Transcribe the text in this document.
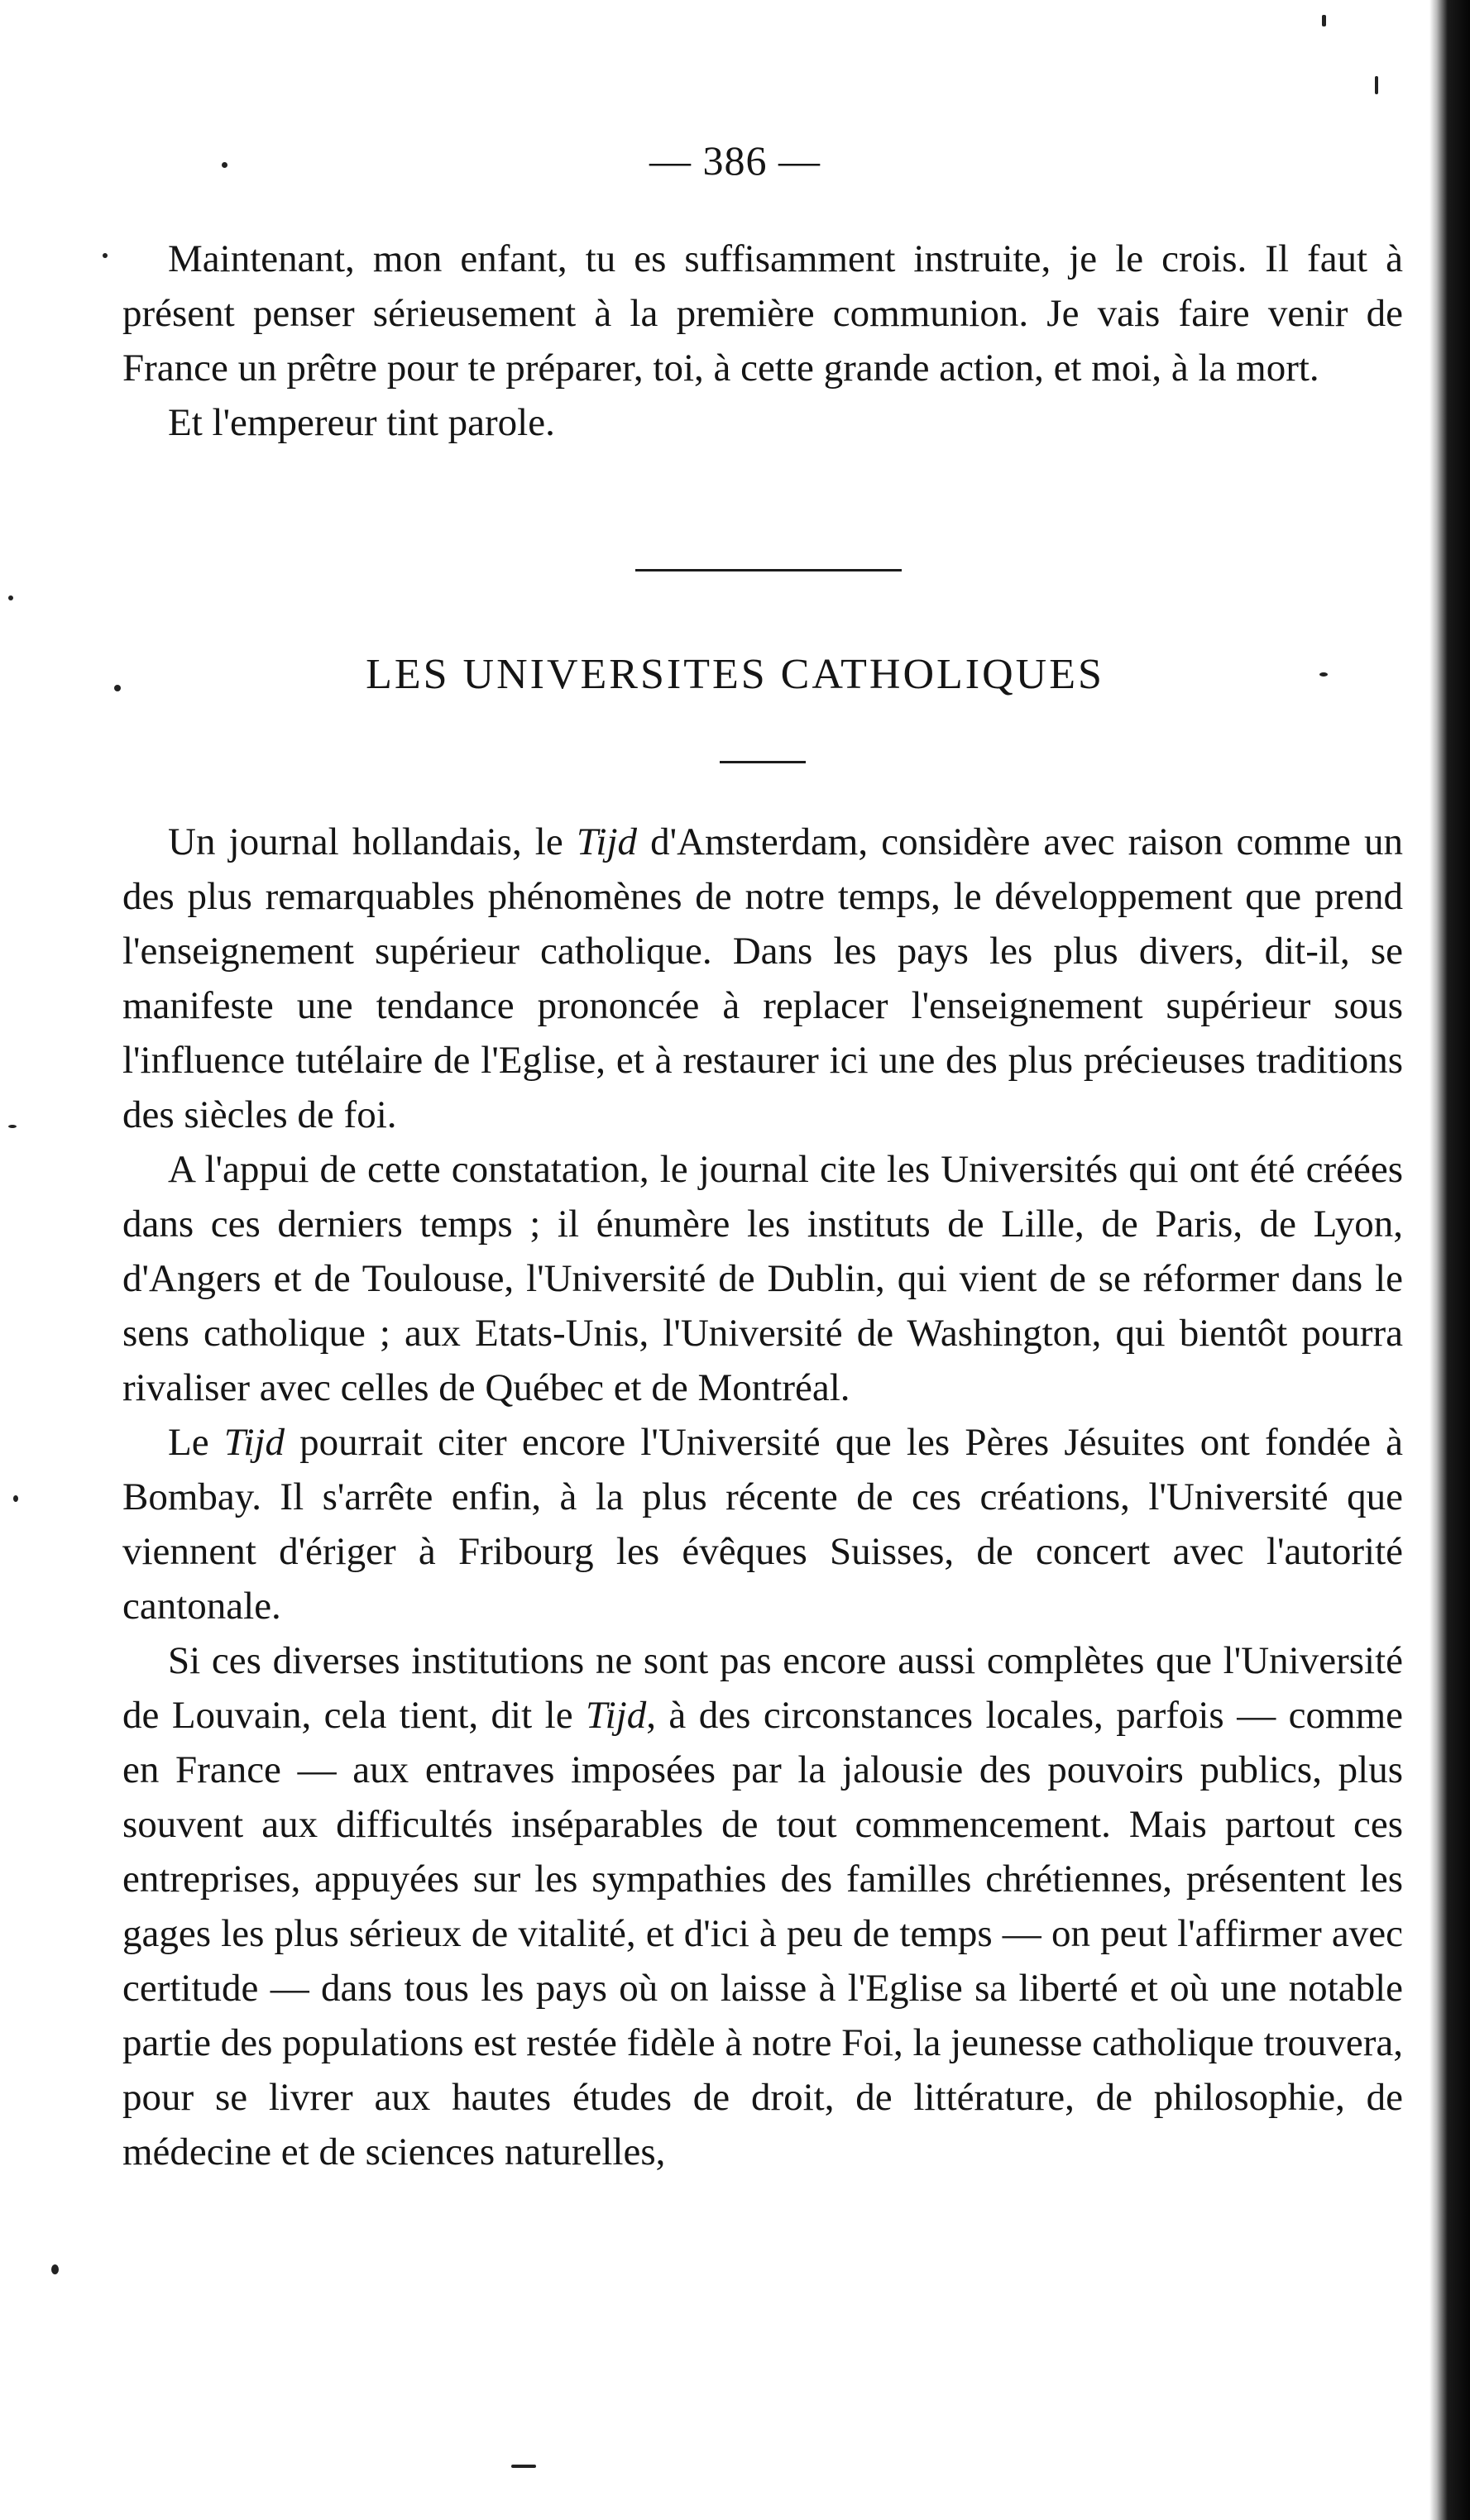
— 386 —

Maintenant, mon enfant, tu es suffisamment instruite, je le crois. Il faut à présent penser sérieusement à la première communion. Je vais faire venir de France un prêtre pour te préparer, toi, à cette grande action, et moi, à la mort.

Et l'empereur tint parole.

LES UNIVERSITES CATHOLIQUES

Un journal hollandais, le Tijd d'Amsterdam, considère avec raison comme un des plus remarquables phénomènes de notre temps, le développement que prend l'enseignement supérieur catholique. Dans les pays les plus divers, dit-il, se manifeste une tendance prononcée à replacer l'enseignement supérieur sous l'influence tutélaire de l'Eglise, et à restaurer ici une des plus précieuses traditions des siècles de foi.

A l'appui de cette constatation, le journal cite les Universités qui ont été créées dans ces derniers temps ; il énumère les instituts de Lille, de Paris, de Lyon, d'Angers et de Toulouse, l'Université de Dublin, qui vient de se réformer dans le sens catholique ; aux Etats-Unis, l'Université de Washington, qui bientôt pourra rivaliser avec celles de Québec et de Montréal.

Le Tijd pourrait citer encore l'Université que les Pères Jésuites ont fondée à Bombay. Il s'arrête enfin, à la plus récente de ces créations, l'Université que viennent d'ériger à Fribourg les évêques Suisses, de concert avec l'autorité cantonale.

Si ces diverses institutions ne sont pas encore aussi complètes que l'Université de Louvain, cela tient, dit le Tijd, à des circonstances locales, parfois — comme en France — aux entraves imposées par la jalousie des pouvoirs publics, plus souvent aux difficultés inséparables de tout commencement. Mais partout ces entreprises, appuyées sur les sympathies des familles chrétiennes, présentent les gages les plus sérieux de vitalité, et d'ici à peu de temps — on peut l'affirmer avec certitude — dans tous les pays où on laisse à l'Eglise sa liberté et où une notable partie des populations est restée fidèle à notre Foi, la jeunesse catholique trouvera, pour se livrer aux hautes études de droit, de littérature, de philosophie, de médecine et de sciences naturelles,
